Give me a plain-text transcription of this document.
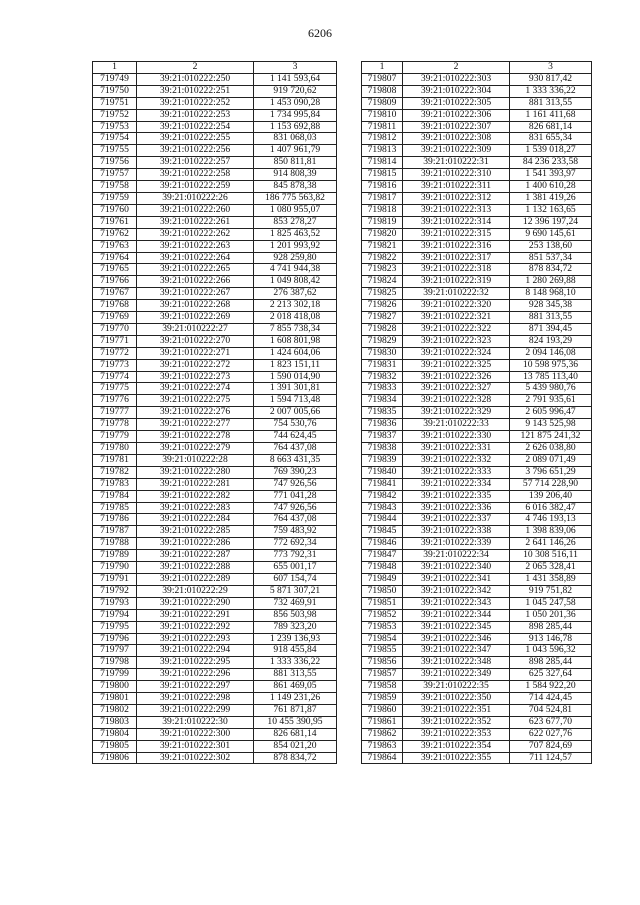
6206
1	2	3
719749	39:21:010222:250	1 141 593,64
719750	39:21:010222:251	919 720,62
719751	39:21:010222:252	1 453 090,28
719752	39:21:010222:253	1 734 995,84
719753	39:21:010222:254	1 153 692,88
719754	39:21:010222:255	831 068,03
719755	39:21:010222:256	1 407 961,79
719756	39:21:010222:257	850 811,81
719757	39:21:010222:258	914 808,39
719758	39:21:010222:259	845 878,38
719759	39:21:010222:26	186 775 563,82
719760	39:21:010222:260	1 080 955,07
719761	39:21:010222:261	853 278,27
719762	39:21:010222:262	1 825 463,52
719763	39:21:010222:263	1 201 993,92
719764	39:21:010222:264	928 259,80
719765	39:21:010222:265	4 741 944,38
719766	39:21:010222:266	1 049 808,42
719767	39:21:010222:267	276 387,62
719768	39:21:010222:268	2 213 302,18
719769	39:21:010222:269	2 018 418,08
719770	39:21:010222:27	7 855 738,34
719771	39:21:010222:270	1 608 801,98
719772	39:21:010222:271	1 424 604,06
719773	39:21:010222:272	1 823 151,11
719774	39:21:010222:273	1 590 014,90
719775	39:21:010222:274	1 391 301,81
719776	39:21:010222:275	1 594 713,48
719777	39:21:010222:276	2 007 005,66
719778	39:21:010222:277	754 530,76
719779	39:21:010222:278	744 624,45
719780	39:21:010222:279	764 437,08
719781	39:21:010222:28	8 663 431,35
719782	39:21:010222:280	769 390,23
719783	39:21:010222:281	747 926,56
719784	39:21:010222:282	771 041,28
719785	39:21:010222:283	747 926,56
719786	39:21:010222:284	764 437,08
719787	39:21:010222:285	759 483,92
719788	39:21:010222:286	772 692,34
719789	39:21:010222:287	773 792,31
719790	39:21:010222:288	655 001,17
719791	39:21:010222:289	607 154,74
719792	39:21:010222:29	5 871 307,21
719793	39:21:010222:290	732 469,91
719794	39:21:010222:291	856 503,98
719795	39:21:010222:292	789 323,20
719796	39:21:010222:293	1 239 136,93
719797	39:21:010222:294	918 455,84
719798	39:21:010222:295	1 333 336,22
719799	39:21:010222:296	881 313,55
719800	39:21:010222:297	861 469,05
719801	39:21:010222:298	1 149 231,26
719802	39:21:010222:299	761 871,87
719803	39:21:010222:30	10 455 390,95
719804	39:21:010222:300	826 681,14
719805	39:21:010222:301	854 021,20
719806	39:21:010222:302	878 834,72
1	2	3
719807	39:21:010222:303	930 817,42
719808	39:21:010222:304	1 333 336,22
719809	39:21:010222:305	881 313,55
719810	39:21:010222:306	1 161 411,68
719811	39:21:010222:307	826 681,14
719812	39:21:010222:308	831 655,34
719813	39:21:010222:309	1 539 018,27
719814	39:21:010222:31	84 236 233,58
719815	39:21:010222:310	1 541 393,97
719816	39:21:010222:311	1 400 610,28
719817	39:21:010222:312	1 381 419,26
719818	39:21:010222:313	1 132 163,65
719819	39:21:010222:314	12 396 197,24
719820	39:21:010222:315	9 690 145,61
719821	39:21:010222:316	253 138,60
719822	39:21:010222:317	851 537,34
719823	39:21:010222:318	878 834,72
719824	39:21:010222:319	1 280 269,88
719825	39:21:010222:32	8 148 968,10
719826	39:21:010222:320	928 345,38
719827	39:21:010222:321	881 313,55
719828	39:21:010222:322	871 394,45
719829	39:21:010222:323	824 193,29
719830	39:21:010222:324	2 094 146,08
719831	39:21:010222:325	10 598 975,36
719832	39:21:010222:326	13 785 113,40
719833	39:21:010222:327	5 439 980,76
719834	39:21:010222:328	2 791 935,61
719835	39:21:010222:329	2 605 996,47
719836	39:21:010222:33	9 143 525,98
719837	39:21:010222:330	121 875 241,32
719838	39:21:010222:331	2 626 038,80
719839	39:21:010222:332	2 089 071,49
719840	39:21:010222:333	3 796 651,29
719841	39:21:010222:334	57 714 228,90
719842	39:21:010222:335	139 206,40
719843	39:21:010222:336	6 016 382,47
719844	39:21:010222:337	4 746 193,13
719845	39:21:010222:338	1 398 839,06
719846	39:21:010222:339	2 641 146,26
719847	39:21:010222:34	10 308 516,11
719848	39:21:010222:340	2 065 328,41
719849	39:21:010222:341	1 431 358,89
719850	39:21:010222:342	919 751,82
719851	39:21:010222:343	1 045 247,58
719852	39:21:010222:344	1 050 201,36
719853	39:21:010222:345	898 285,44
719854	39:21:010222:346	913 146,78
719855	39:21:010222:347	1 043 596,32
719856	39:21:010222:348	898 285,44
719857	39:21:010222:349	625 327,64
719858	39:21:010222:35	1 584 922,20
719859	39:21:010222:350	714 424,45
719860	39:21:010222:351	704 524,81
719861	39:21:010222:352	623 677,70
719862	39:21:010222:353	622 027,76
719863	39:21:010222:354	707 824,69
719864	39:21:010222:355	711 124,57
